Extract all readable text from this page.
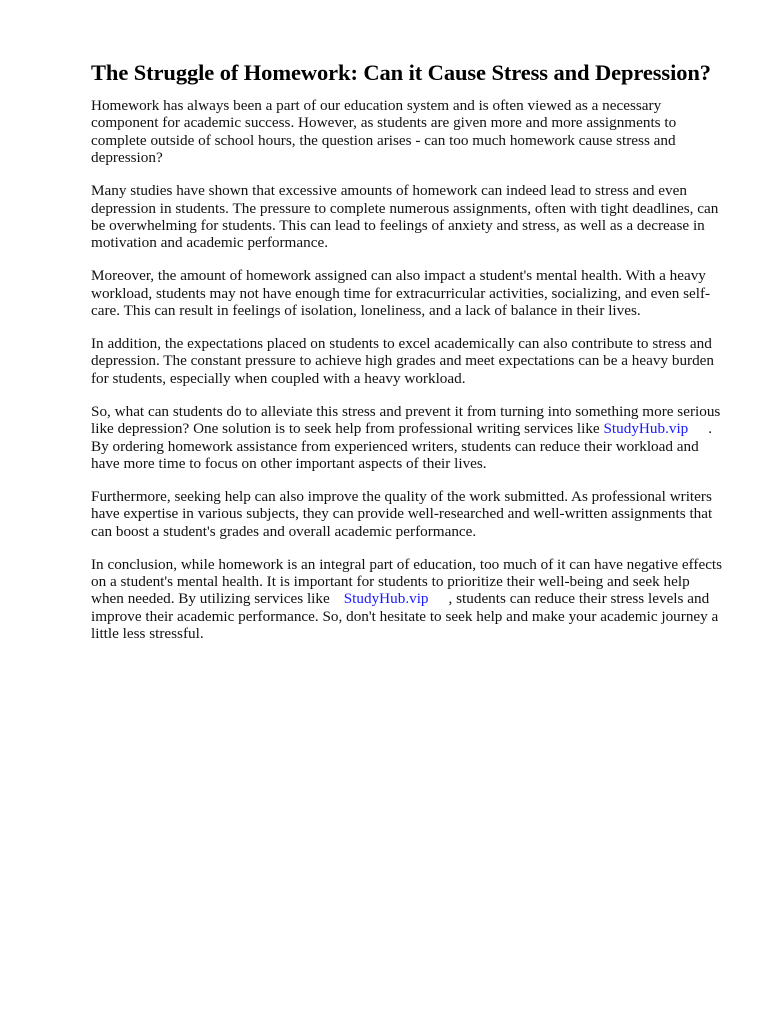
The Struggle of Homework: Can it Cause Stress and Depression?

Homework has always been a part of our education system and is often viewed as a necessary component for academic success. However, as students are given more and more assignments to complete outside of school hours, the question arises - can too much homework cause stress and depression?

Many studies have shown that excessive amounts of homework can indeed lead to stress and even depression in students. The pressure to complete numerous assignments, often with tight deadlines, can be overwhelming for students. This can lead to feelings of anxiety and stress, as well as a decrease in motivation and academic performance.

Moreover, the amount of homework assigned can also impact a student's mental health. With a heavy workload, students may not have enough time for extracurricular activities, socializing, and even self-care. This can result in feelings of isolation, loneliness, and a lack of balance in their lives.

In addition, the expectations placed on students to excel academically can also contribute to stress and depression. The constant pressure to achieve high grades and meet expectations can be a heavy burden for students, especially when coupled with a heavy workload.

So, what can students do to alleviate this stress and prevent it from turning into something more serious like depression? One solution is to seek help from professional writing services like StudyHub.vip . By ordering homework assistance from experienced writers, students can reduce their workload and have more time to focus on other important aspects of their lives.

Furthermore, seeking help can also improve the quality of the work submitted. As professional writers have expertise in various subjects, they can provide well-researched and well-written assignments that can boost a student's grades and overall academic performance.

In conclusion, while homework is an integral part of education, too much of it can have negative effects on a student's mental health. It is important for students to prioritize their well-being and seek help when needed. By utilizing services like StudyHub.vip , students can reduce their stress levels and improve their academic performance. So, don't hesitate to seek help and make your academic journey a little less stressful.
